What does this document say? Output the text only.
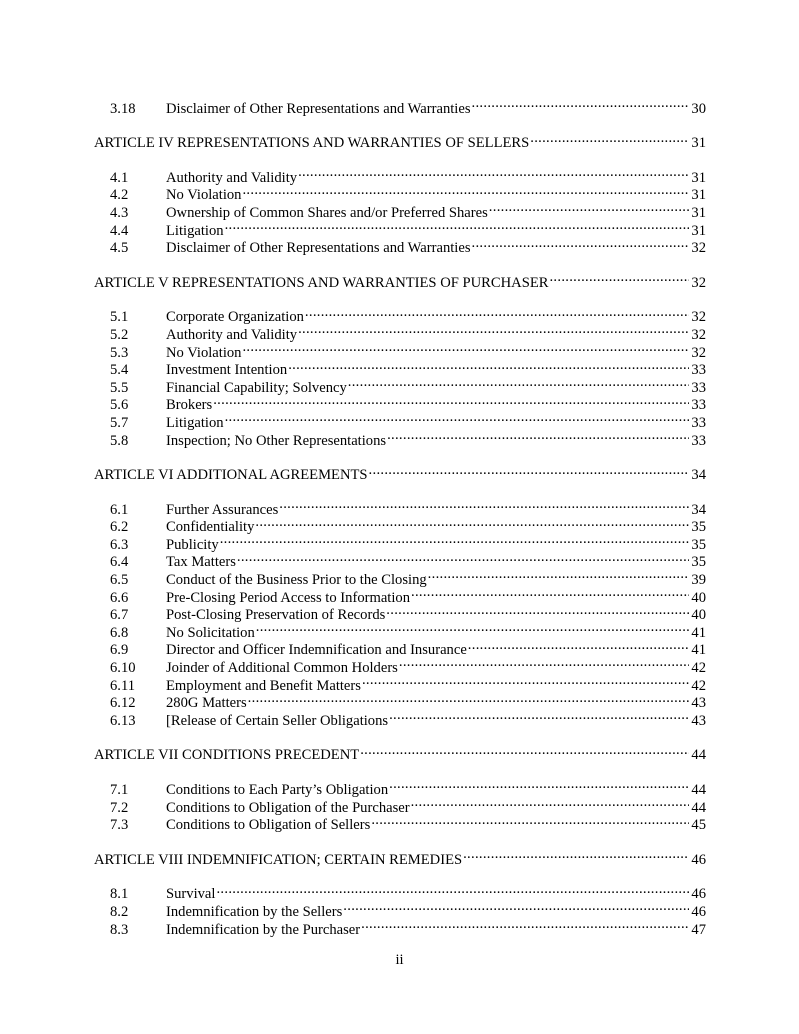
3.18	Disclaimer of Other Representations and Warranties .....	30
ARTICLE IV REPRESENTATIONS AND WARRANTIES OF SELLERS .....	31
4.1	Authority and Validity .....	31
4.2	No Violation .....	31
4.3	Ownership of Common Shares and/or Preferred Shares .....	31
4.4	Litigation .....	31
4.5	Disclaimer of Other Representations and Warranties .....	32
ARTICLE V REPRESENTATIONS AND WARRANTIES OF PURCHASER .....	32
5.1	Corporate Organization .....	32
5.2	Authority and Validity .....	32
5.3	No Violation .....	32
5.4	Investment Intention .....	33
5.5	Financial Capability; Solvency .....	33
5.6	Brokers .....	33
5.7	Litigation .....	33
5.8	Inspection; No Other Representations .....	33
ARTICLE VI ADDITIONAL AGREEMENTS .....	34
6.1	Further Assurances .....	34
6.2	Confidentiality .....	35
6.3	Publicity .....	35
6.4	Tax Matters .....	35
6.5	Conduct of the Business Prior to the Closing .....	39
6.6	Pre-Closing Period Access to Information .....	40
6.7	Post-Closing Preservation of Records .....	40
6.8	No Solicitation .....	41
6.9	Director and Officer Indemnification and Insurance .....	41
6.10	Joinder of Additional Common Holders .....	42
6.11	Employment and Benefit Matters .....	42
6.12	280G Matters .....	43
6.13	[Release of Certain Seller Obligations .....	43
ARTICLE VII CONDITIONS PRECEDENT .....	44
7.1	Conditions to Each Party’s Obligation .....	44
7.2	Conditions to Obligation of the Purchaser .....	44
7.3	Conditions to Obligation of Sellers .....	45
ARTICLE VIII INDEMNIFICATION; CERTAIN REMEDIES .....	46
8.1	Survival .....	46
8.2	Indemnification by the Sellers .....	46
8.3	Indemnification by the Purchaser .....	47
ii
